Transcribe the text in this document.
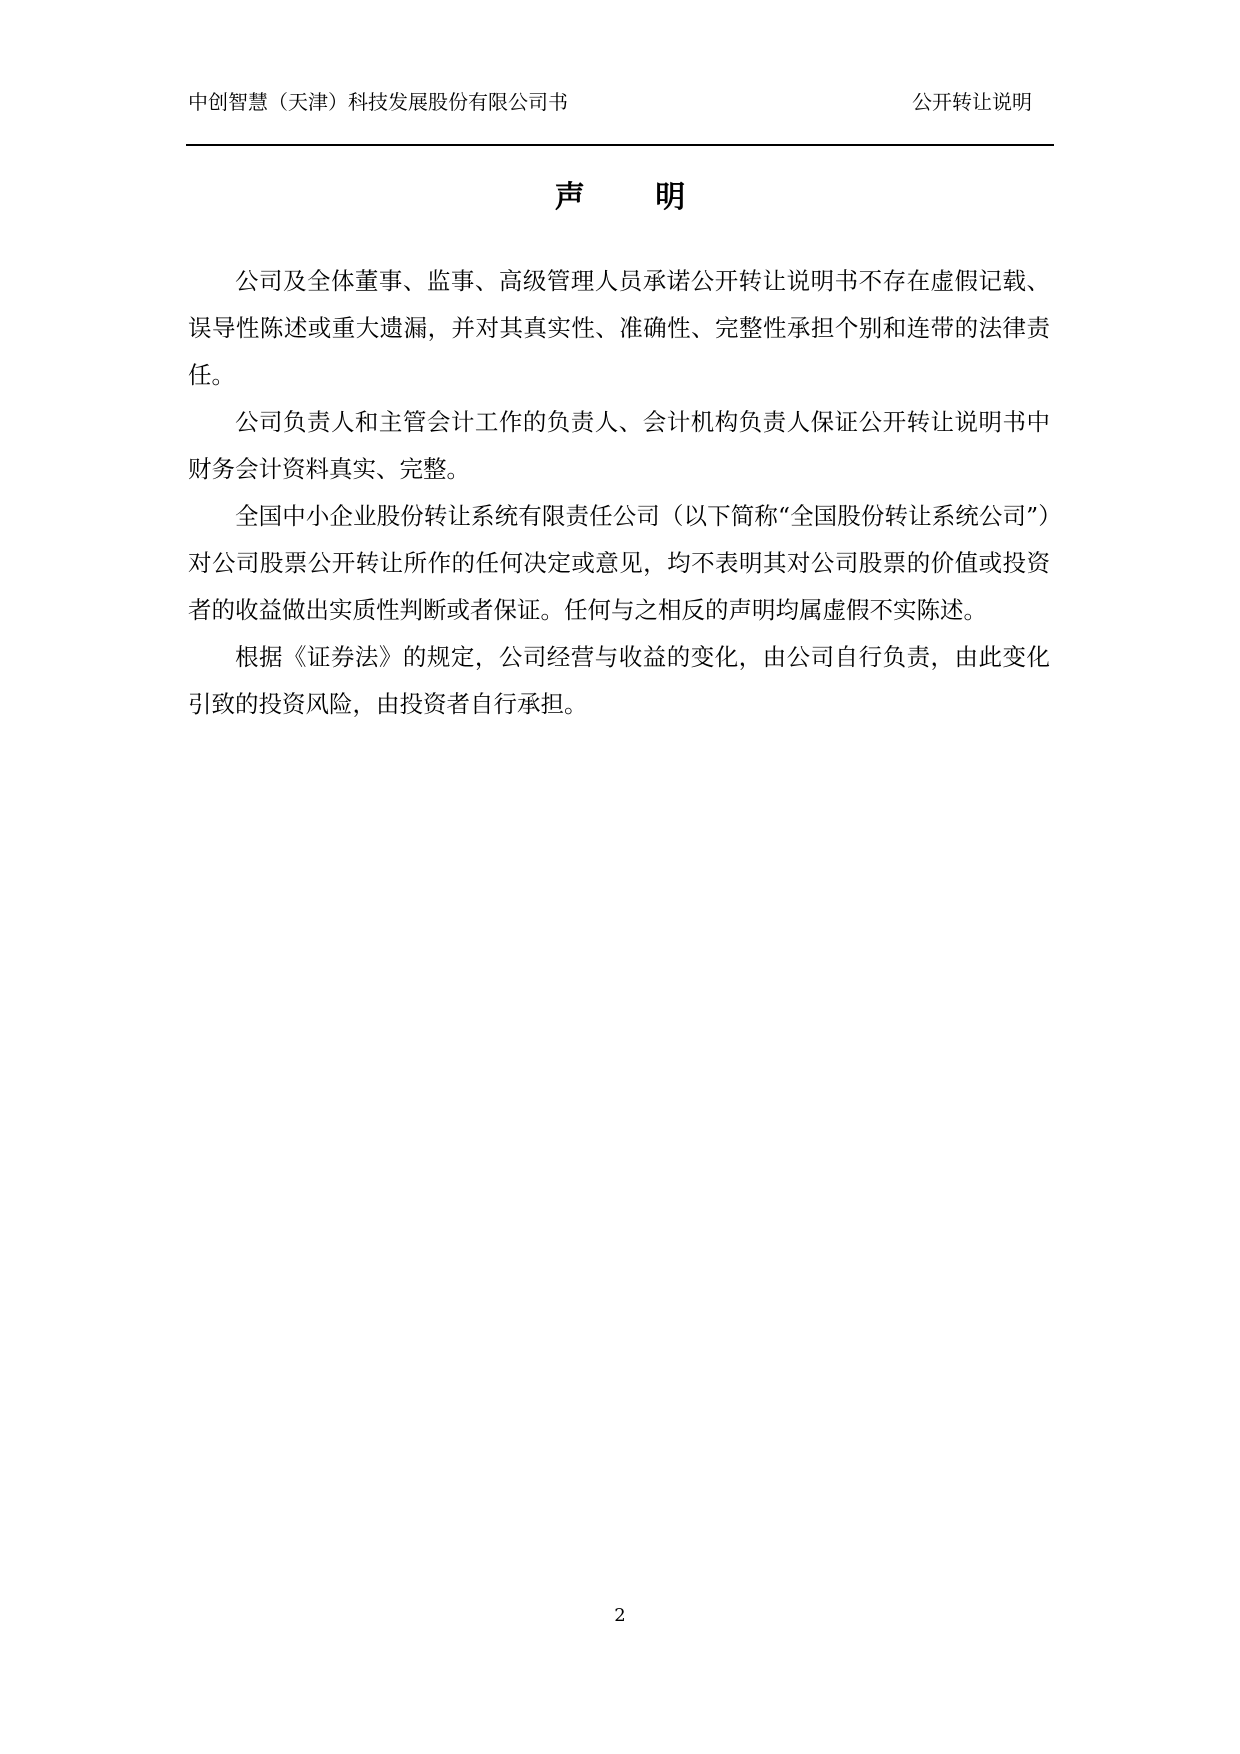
中创智慧（天津）科技发展股份有限公司书	公开转让说明
声 明

公司及全体董事、监事、高级管理人员承诺公开转让说明书不存在虚假记载、误导性陈述或重大遗漏，并对其真实性、准确性、完整性承担个别和连带的法律责任。

公司负责人和主管会计工作的负责人、会计机构负责人保证公开转让说明书中财务会计资料真实、完整。

全国中小企业股份转让系统有限责任公司（以下简称“全国股份转让系统公司”）对公司股票公开转让所作的任何决定或意见，均不表明其对公司股票的价值或投资者的收益做出实质性判断或者保证。任何与之相反的声明均属虚假不实陈述。

根据《证券法》的规定，公司经营与收益的变化，由公司自行负责，由此变化引致的投资风险，由投资者自行承担。

2
